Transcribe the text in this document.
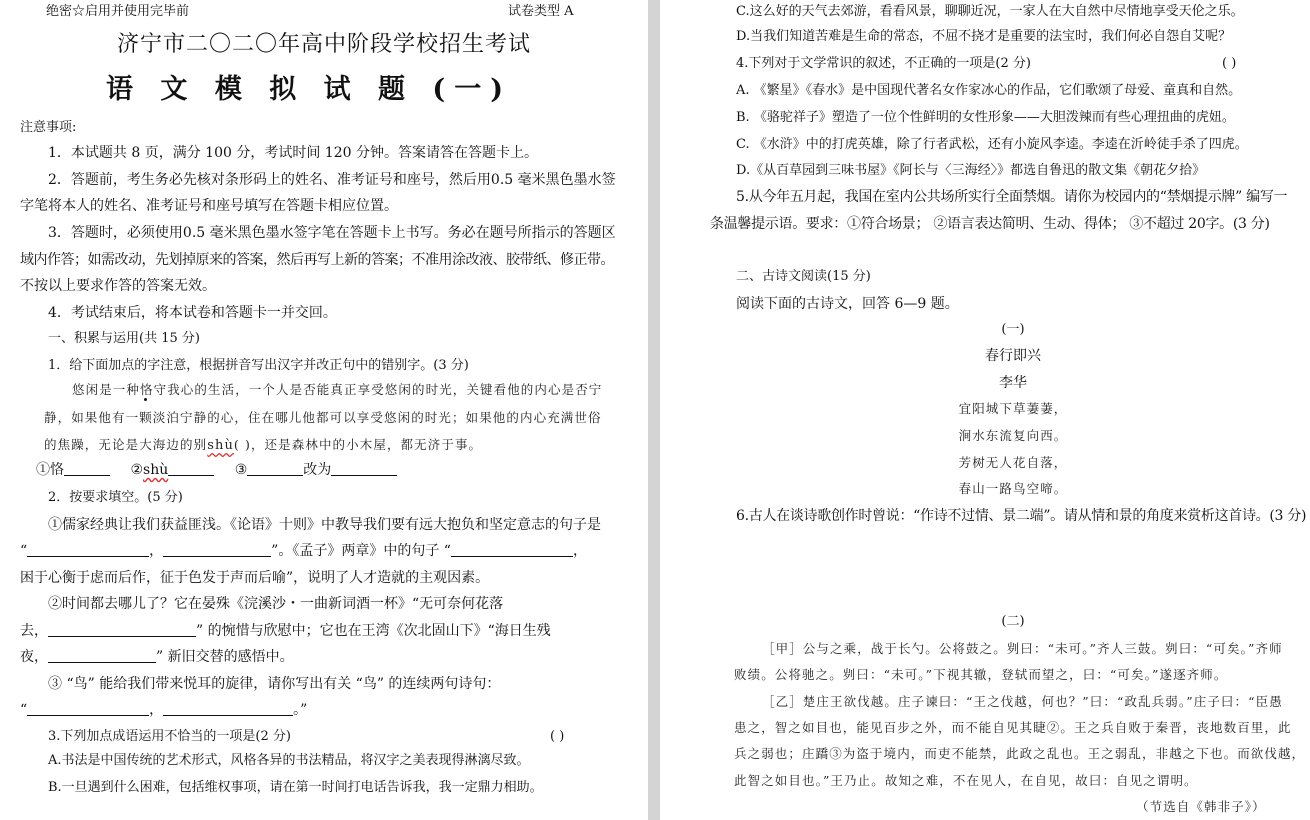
绝密☆启用并使用完毕前	试卷类型 A
济宁市二〇二〇年高中阶段学校招生考试
语 文 模 拟 试 题 (一)
注意事项:
1．本试题共 8 页，满分 100 分，考试时间 120 分钟。答案请答在答题卡上。
2．答题前，考生务必先核对条形码上的姓名、准考证号和座号，然后用0.5 毫米黑色墨水签
字笔将本人的姓名、准考证号和座号填写在答题卡相应位置。
3．答题时，必须使用0.5 毫米黑色墨水签字笔在答题卡上书写。务必在题号所指示的答题区
域内作答；如需改动，先划掉原来的答案，然后再写上新的答案；不准用涂改液、胶带纸、修正带。
不按以上要求作答的答案无效。
4．考试结束后，将本试卷和答题卡一并交回。
一、积累与运用(共 15 分)
1．给下面加点的字注意，根据拼音写出汉字并改正句中的错别字。(3 分)
悠闲是一种恪守我心的生活，一个人是否能真正享受悠闲的时光，关键看他的内心是否宁
静，如果他有一颗淡泊宁静的心，住在哪儿他都可以享受悠闲的时光；如果他的内心充满世俗
的焦躁，无论是大海边的别shù( )，还是森林中的小木屋，都无济于事。
①恪	②shù	③	改为
2．按要求填空。(5 分)
①儒家经典让我们获益匪浅。《论语》十则》中教导我们要有远大抱负和坚定意志的句子是
“	，	”。《孟子》两章》中的句子 “	，
困于心衡于虑而后作，征于色发于声而后喻”，说明了人才造就的主观因素。
②时间都去哪儿了？它在晏殊《浣溪沙・一曲新词酒一杯》“无可奈何花落
去，	” 的惋惜与欣慰中；它也在王湾《次北固山下》“海日生残
夜，	” 新旧交替的感悟中。
③ “鸟” 能给我们带来悦耳的旋律，请你写出有关 “鸟” 的连续两句诗句：
“	，	。”
3.下列加点成语运用不恰当的一项是(2 分)	( )
A.书法是中国传统的艺术形式，风格各异的书法精品，将汉字之美表现得淋漓尽致。
B.一旦遇到什么困难，包括维权事项，请在第一时间打电话告诉我，我一定鼎力相助。
C.这么好的天气去郊游，看看风景，聊聊近况，一家人在大自然中尽情地享受天伦之乐。
D.当我们知道苦难是生命的常态，不屈不挠才是重要的法宝时，我们何必自怨自艾呢？
4.下列对于文学常识的叙述，不正确的一项是(2 分)	( )
A. 《繁星》《春水》是中国现代著名女作家冰心的作品，它们歌颂了母爱、童真和自然。
B. 《骆驼祥子》塑造了一位个性鲜明的女性形象——大胆泼辣而有些心理扭曲的虎妞。
C. 《水浒》中的打虎英雄，除了行者武松，还有小旋风李逵。李逵在沂岭徒手杀了四虎。
D.《从百草园到三味书屋》《阿长与〈三海经〉》都选自鲁迅的散文集《朝花夕拾》
5.从今年五月起，我国在室内公共场所实行全面禁烟。请你为校园内的“禁烟提示牌” 编写一
条温馨提示语。要求：①符合场景； ②语言表达简明、生动、得体； ③不超过 20字。(3 分)
二、古诗文阅读(15 分)
阅读下面的古诗文，回答 6—9 题。
(一)
春行即兴
李华
宜阳城下草萋萋，
涧水东流复向西。
芳树无人花自落，
春山一路鸟空啼。
6.古人在谈诗歌创作时曾说：“作诗不过情、景二端”。请从情和景的角度来赏析这首诗。(3 分)
(二)
［甲］公与之乘，战于长勺。公将鼓之。刿曰：“未可。”齐人三鼓。刿曰：“可矣。”齐师
败绩。公将驰之。刿曰：“未可。”下视其辙，登轼而望之，曰：“可矣。”遂逐齐师。
［乙］楚庄王欲伐越。庄子谏曰：“王之伐越，何也？”曰：“政乱兵弱。”庄子曰：“臣愚
患之，智之如目也，能见百步之外，而不能自见其睫②。王之兵自败于秦晋，丧地数百里，此
兵之弱也；庄蹻③为盗于境内，而吏不能禁，此政之乱也。王之弱乱，非越之下也。而欲伐越，
此智之如目也。”王乃止。故知之难，不在见人，在自见，故曰：自见之谓明。
（节选自《韩非子》）
